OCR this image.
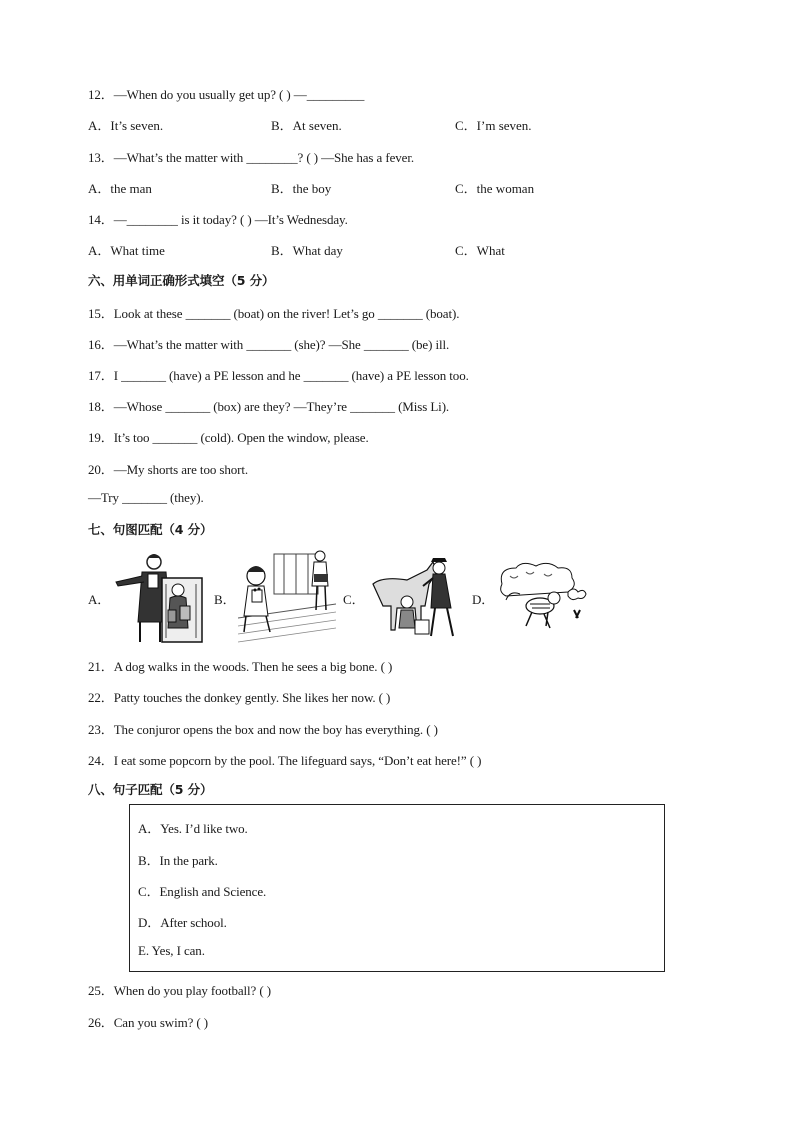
12．—When do you usually get up? ( ) —_________
A．It’s seven.	B．At seven.	C．I’m seven.
13．—What’s the matter with ________? ( ) —She has a fever.
A．the man	B．the boy	C．the woman
14．—________ is it today? ( ) —It’s Wednesday.
A．What time	B．What day	C．What
六、用单词正确形式填空（5 分）
15．Look at these _______ (boat) on the river! Let’s go _______ (boat).
16．—What’s the matter with _______ (she)? —She _______ (be) ill.
17．I _______ (have) a PE lesson and he _______ (have) a PE lesson too.
18．—Whose _______ (box) are they? —They’re _______ (Miss Li).
19．It’s too _______ (cold). Open the window, please.
20．—My shorts are too short.
—Try _______ (they).
七、句图匹配（4 分）
A．	B．	C．	D．
21．A dog walks in the woods. Then he sees a big bone. ( )
22．Patty touches the donkey gently. She likes her now. ( )
23．The conjuror opens the box and now the boy has everything. ( )
24．I eat some popcorn by the pool. The lifeguard says, “Don’t eat here!” ( )
八、句子匹配（5 分）
A．Yes. I’d like two.
B．In the park.
C．English and Science.
D．After school.
E. Yes, I can.
25．When do you play football? ( )
26．Can you swim? ( )
